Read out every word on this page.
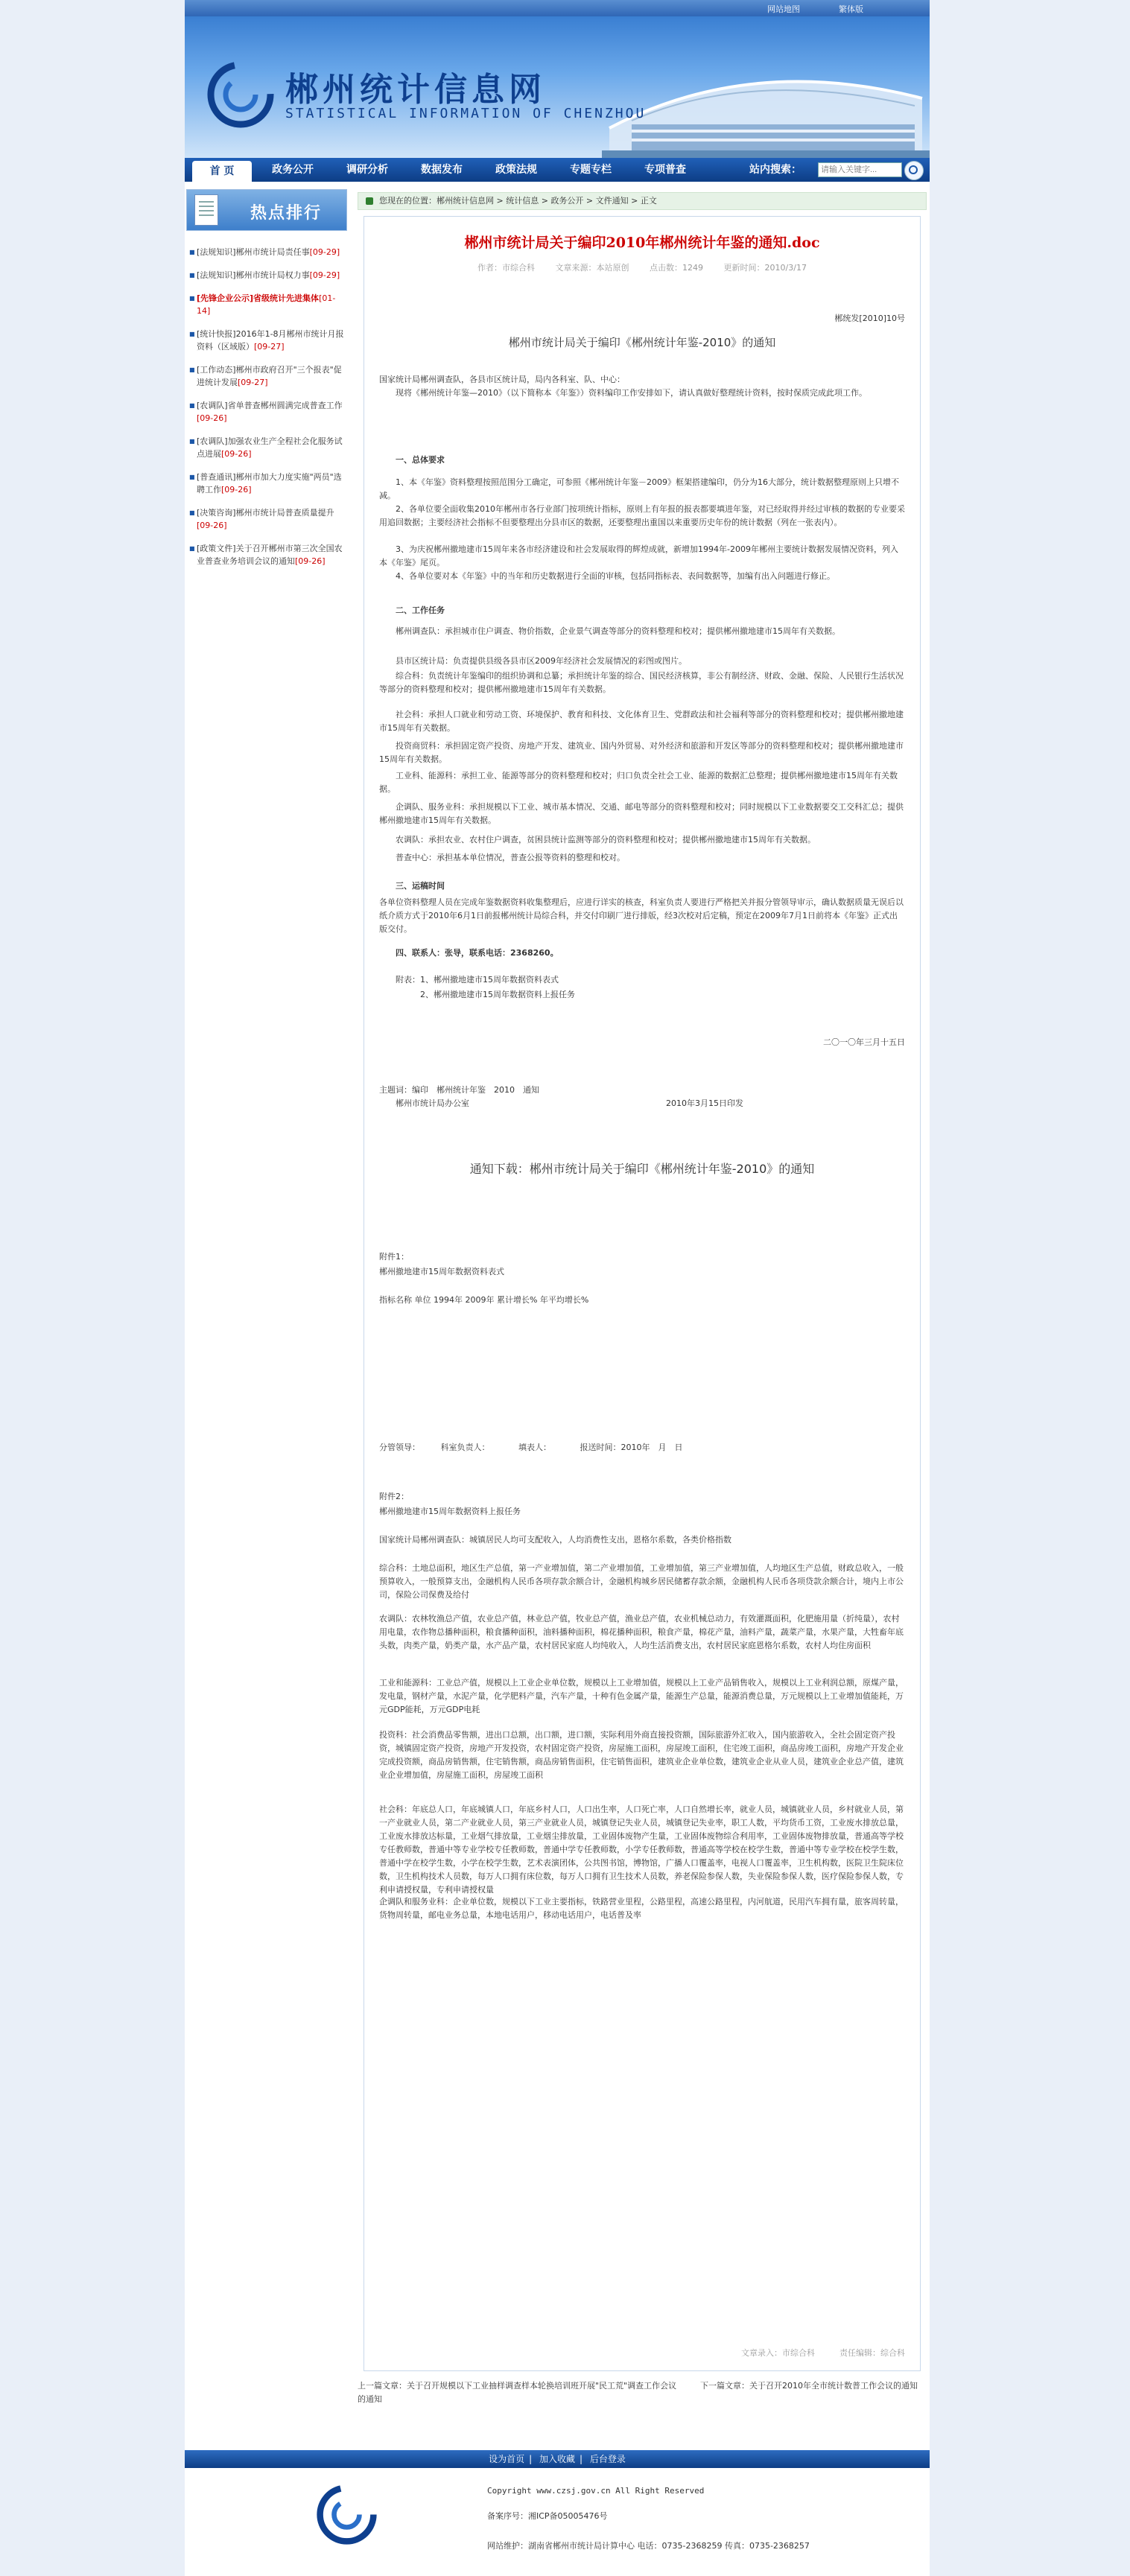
网站地图	繁体版
郴州统计信息网
STATISTICAL INFORMATION OF CHENZHOU
首 页	政务公开	调研分析	数据发布	政策法规	专题专栏	专项普查	站内搜索：
请输入关键字...
热点排行
■ [法规知识]郴州市统计局责任事[09-29]
■ [法规知识]郴州市统计局权力事[09-29]
■ [先锋企业公示]省级统计先进集体[01-14]
■ [统计快报]2016年1-8月郴州市统计月报资料（区域版）[09-27]
■ [工作动态]郴州市政府召开"三个报表"促进统计发展[09-27]
■ [农调队]省单普查郴州圆满完成普查工作[09-26]
■ [农调队]加强农业生产全程社会化服务试点进展[09-26]
■ [普查通讯]郴州市加大力度实施"两员"选聘工作[09-26]
■ [决策咨询]郴州市统计局普查质量提升[09-26]
■ [政策文件]关于召开郴州市第三次全国农业普查业务培训会议的通知[09-26]
您现在的位置：郴州统计信息网 > 统计信息 > 政务公开 > 文件通知 > 正文
郴州市统计局关于编印2010年郴州统计年鉴的通知.doc
作者：市综合科	文章来源：本站原创	点击数：1249	更新时间：2010/3/17
郴统发[2010]10号
郴州市统计局关于编印《郴州统计年鉴-2010》的通知
国家统计局郴州调查队，各县市区统计局，局内各科室、队、中心：
　　现将《郴州统计年鉴—2010》（以下简称本《年鉴》）资料编印工作安排如下，请认真做好整理统计资料，按时保质完成此项工作。
　　一、总体要求
　　1、本《年鉴》资料整理按照范围分工确定，可参照《郴州统计年鉴－2009》框架搭建编印，仍分为16大部分，统计数据整理原则上只增不减。
　　2、各单位要全面收集2010年郴州市各行业部门按项统计指标，原则上有年报的报表都要填进年鉴，对已经取得并经过审核的数据的专业要采用追回数据；主要经济社会指标不但要整理出分县市区的数据，还要整理出重国以来重要历史年份的统计数据（列在一张表内）。
　　3、为庆祝郴州撤地建市15周年来各市经济建设和社会发展取得的辉煌成就，新增加1994年-2009年郴州主要统计数据发展情况资料，列入本《年鉴》尾页。
　　4、各单位要对本《年鉴》中的当年和历史数据进行全面的审核，包括同指标表、表间数据等，加编有出入问题进行修正。
　　二、工作任务
　　郴州调查队：承担城市住户调查、物价指数，企业景气调查等部分的资料整理和校对；提供郴州撤地建市15周年有关数据。
　　县市区统计局：负责提供县级各县市区2009年经济社会发展情况的彩图或图片。
　　综合科：负责统计年鉴编印的组织协调和总纂；承担统计年鉴的综合、国民经济核算，非公有制经济、财政、金融、保险、人民银行生活状况等部分的资料整理和校对；提供郴州撤地建市15周年有关数据。
　　社会科：承担人口就业和劳动工资、环境保护、教育和科技、文化体育卫生、党群政法和社会福利等部分的资料整理和校对；提供郴州撤地建市15周年有关数据。
　　投资商贸科：承担固定资产投资、房地产开发、建筑业、国内外贸易、对外经济和旅游和开发区等部分的资料整理和校对；提供郴州撤地建市15周年有关数据。
　　工业科、能源科：承担工业、能源等部分的资料整理和校对；归口负责全社会工业、能源的数据汇总整理；提供郴州撤地建市15周年有关数据。
　　企调队、服务业科：承担规模以下工业、城市基本情况、交通、邮电等部分的资料整理和校对；同时规模以下工业数据要交工交科汇总；提供郴州撤地建市15周年有关数据。
　　农调队：承担农业、农村住户调查，贫困县统计监测等部分的资料整理和校对；提供郴州撤地建市15周年有关数据。
　　普查中心：承担基本单位情况，普查公报等资料的整理和校对。
　　三、运稿时间
各单位资料整理人员在完成年鉴数据资料收集整理后，应进行详实的核查，科室负责人要进行严格把关并报分管领导审示，确认数据质量无误后以纸介质方式于2010年6月1日前报郴州统计局综合科，并交付印刷厂进行排版，经3次校对后定稿，预定在2009年7月1日前将本《年鉴》正式出版交付。
　　四、联系人：张导，联系电话：2368260。
　　附表：1、郴州撤地建市15周年数据资料表式
　　　　　2、郴州撤地建市15周年数据资料上报任务
二〇一〇年三月十五日
主题词：编印　郴州统计年鉴　2010　通知
　　郴州市统计局办公室　　　　　　　　　　　　　　　　　　　　　　　　2010年3月15日印发
通知下载：郴州市统计局关于编印《郴州统计年鉴-2010》的通知
附件1：
郴州撤地建市15周年数据资料表式
指标名称 单位 1994年 2009年 累计增长% 年平均增长%
分管领导：　　　科室负责人：　　　　填表人：　　　　报送时间：2010年　月　日
附件2：
郴州撤地建市15周年数据资料上报任务
国家统计局郴州调查队：城镇居民人均可支配收入，人均消费性支出，恩格尔系数，各类价格指数
综合科：土地总面积，地区生产总值，第一产业增加值，第二产业增加值，工业增加值，第三产业增加值，人均地区生产总值，财政总收入，一般预算收入，一般预算支出，金融机构人民币各项存款余额合计，金融机构城乡居民储蓄存款余额，金融机构人民币各项贷款余额合计，境内上市公司，保险公司保费及给付
农调队：农林牧渔总产值，农业总产值，林业总产值，牧业总产值，渔业总产值，农业机械总动力，有效灌溉面积，化肥施用量（折纯量），农村用电量，农作物总播种面积，粮食播种面积，油料播种面积，棉花播种面积，粮食产量，棉花产量，油料产量，蔬菜产量，水果产量，大牲畜年底头数，肉类产量，奶类产量，水产品产量，农村居民家庭人均纯收入，人均生活消费支出，农村居民家庭恩格尔系数，农村人均住房面积
工业和能源科：工业总产值，规模以上工业企业单位数，规模以上工业增加值，规模以上工业产品销售收入，规模以上工业利润总额，原煤产量，发电量，钢材产量，水泥产量，化学肥料产量，汽车产量，十种有色金属产量，能源生产总量，能源消费总量，万元规模以上工业增加值能耗，万元GDP能耗，万元GDP电耗
投资科：社会消费品零售额，进出口总额，出口额，进口额，实际利用外商直接投资额，国际旅游外汇收入，国内旅游收入，全社会固定资产投资，城镇固定资产投资，房地产开发投资，农村固定资产投资，房屋施工面积，房屋竣工面积，住宅竣工面积，商品房竣工面积，房地产开发企业完成投资额，商品房销售额，住宅销售额，商品房销售面积，住宅销售面积，建筑业企业单位数，建筑业企业从业人员，建筑业企业总产值，建筑业企业增加值，房屋施工面积，房屋竣工面积
社会科：年底总人口，年底城镇人口，年底乡村人口，人口出生率，人口死亡率，人口自然增长率，就业人员，城镇就业人员，乡村就业人员，第一产业就业人员，第二产业就业人员，第三产业就业人员，城镇登记失业人员，城镇登记失业率，职工人数，平均货币工资，工业废水排放总量，工业废水排放达标量，工业烟气排放量，工业烟尘排放量，工业固体废物产生量，工业固体废物综合利用率，工业固体废物排放量，普通高等学校专任教师数，普通中等专业学校专任教师数，普通中学专任教师数，小学专任教师数，普通高等学校在校学生数，普通中等专业学校在校学生数，普通中学在校学生数，小学在校学生数，艺术表演团体，公共图书馆，博物馆，广播人口覆盖率，电视人口覆盖率，卫生机构数，医院卫生院床位数，卫生机构技术人员数，每万人口拥有床位数，每万人口拥有卫生技术人员数，养老保险参保人数，失业保险参保人数，医疗保险参保人数，专利申请授权量，专利申请授权量
企调队和服务业科：企业单位数，规模以下工业主要指标，铁路营业里程，公路里程，高速公路里程，内河航道，民用汽车拥有量，旅客周转量，货物周转量，邮电业务总量，本地电话用户，移动电话用户，电话普及率
文章录入：市综合科　　　责任编辑：综合科
上一篇文章：关于召开规模以下工业抽样调查样本轮换培训班开展"民工荒"调查工作会议的通知
下一篇文章：关于召开2010年全市统计数普工作会议的通知
设为首页 | 加入收藏 | 后台登录
Copyright www.czsj.gov.cn All Right Reserved
备案序号：湘ICP备05005476号
网站维护：湖南省郴州市统计局计算中心 电话：0735-2368259 传真：0735-2368257
